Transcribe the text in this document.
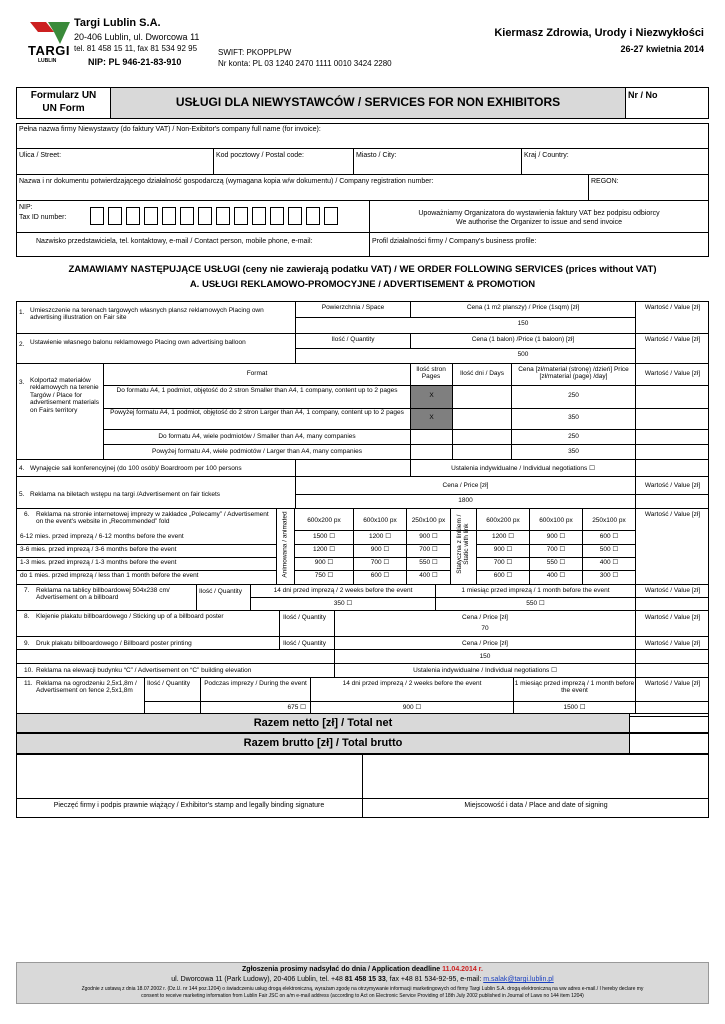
TARGI
LUBLIN
Targi Lublin S.A.
20-406 Lublin, ul. Dworcowa 11
tel. 81 458 15 11, fax 81 534 92 95
NIP: PL 946-21-83-910
SWIFT: PKOPPLPW
Nr konta: PL 03 1240 2470 1111 0010 3424 2280
Kiermasz Zdrowia, Urody i Niezwykłości
26-27 kwietnia 2014
Formularz UN
UN Form	USŁUGI DLA NIEWYSTAWCÓW / SERVICES FOR NON EXHIBITORS	Nr / No
Pełna nazwa firmy Niewystawcy (do faktury VAT) / Non-Exibitor's company full name (for invoice):
Ulica / Street:	Kod pocztowy / Postal code:	Miasto / City:	Kraj / Country:
Nazwa i nr dokumentu potwierdzającego działalność gospodarczą (wymagana kopia w/w dokumentu) / Company registration number:	REGON:
NIP:
Tax ID number:
Upoważniamy Organizatora do wystawienia faktury VAT bez podpisu odbiorcy
We authorise the Organizer to issue and send invoice
Nazwisko przedstawiciela, tel. kontaktowy, e-mail / Contact person, mobile phone, e-mail:	Profil działalności firmy / Company's business profile:
ZAMAWIAMY NASTĘPUJĄCE USŁUGI (ceny nie zawierają podatku VAT) / WE ORDER FOLLOWING SERVICES (prices without VAT)
A. USŁUGI REKLAMOWO-PROMOCYJNE / ADVERTISEMENT & PROMOTION
1. Umieszczenie na terenach targowych własnych plansz reklamowych Placing own advertising illustration on Fair site
Powierzchnia / Space	Cena (1 m2 planszy) / Price (1sqm) [zł]	Wartość / Value [zł]
150
2. Ustawienie własnego balonu reklamowego Placing own advertising balloon	Ilość / Quantity	Cena (1 balon) /Price (1 baloon) [zł]	Wartość / Value [zł]
500
3. Kolportaż materiałów reklamowych na terenie Targów / Place for advertisement materials on Fairs territory
Format
Ilość stron Pages	Ilość dni / Days
Cena [zł/materiał (stronę) /dzień] Price [zł/material (page) /day]	Wartość / Value [zł]
Do formatu A4, 1 podmiot, objętość do 2 stron Smaller than A4, 1 company, content up to 2 pages
X	250
Powyżej formatu A4, 1 podmiot, objętość do 2 stron Larger than A4, 1 company, content up to 2 pages
X	350
Do formatu A4, wiele podmiotów / Smaller than A4, many companies	250
Powyżej formatu A4, wiele podmiotów / Larger than A4, many companies	350
4. Wynajęcie sali konferencyjnej (do 100 osób)/ Boardroom per 100 persons	Ustalenia indywidualne / Individual negotiations ☐
5. Reklama na biletach wstępu na targi /Advertisement on fair tickets
Cena / Price [zł]	Wartość / Value [zł]
1800
6. Reklama na stronie internetowej imprezy w zakładce „Polecamy” / Advertisement on the event's website in „Recommended” fold	Animowana / animated	600x200 px	600x100 px	250x100 px	Statyczna z linkiem / Static with link
600x200 px	600x100 px	250x100 px
Wartość / Value [zł]
6-12 mies. przed imprezą / 6-12 months before the event	1500 ☐	1200 ☐	900 ☐	1200 ☐	900 ☐	600 ☐
3-6 mies. przed imprezą / 3-6 months before the event	1200 ☐	900 ☐	700 ☐	900 ☐	700 ☐	500 ☐
1-3 mies. przed imprezą / 1-3 months before the event	900 ☐	700 ☐	550 ☐	700 ☐	550 ☐	400 ☐
do 1 mies. przed imprezą / less than 1 month before the event	750 ☐	600 ☐	400 ☐	600 ☐	400 ☐	300 ☐
7. Reklama na tablicy billboardowej 504x238 cm/ Advertisement on a billboard
Ilość / Quantity	14 dni przed imprezą / 2 weeks before the event	1 miesiąc przed imprezą / 1 month before the event	Wartość / Value [zł]
350 ☐	550 ☐
8. Klejenie plakatu billboardowego / Sticking up of a billboard poster	Ilość / Quantity	Cena / Price [zł]	Wartość / Value [zł]
70
9. Druk plakatu billboardowego / Billboard poster printing	Ilość / Quantity	Cena / Price [zł]	Wartość / Value [zł]
150
10. Reklama na elewacji budynku “C” / Advertisement on “C” building elevation	Ustalenia indywidualne / Individual negotiations ☐
11. Reklama na ogrodzeniu 2,5x1,8m / Advertisement on fence 2,5x1,8m
Ilość / Quantity	Podczas imprezy / During the event	14 dni przed imprezą / 2 weeks before the event	1 miesiąc przed imprezą / 1 month before the event
Wartość / Value [zł]
675 ☐	900 ☐	1500 ☐
Razem netto [zł] / Total net
Razem brutto [zł] / Total brutto
Pieczęć firmy i podpis prawnie wiążący / Exhibitor's stamp and legally binding signature	Miejscowość i data / Place and date of signing
Zgłoszenia prosimy nadsyłać do dnia / Application deadline 11.04.2014 r.
ul. Dworcowa 11 (Park Ludowy), 20-406 Lublin, tel. +48 81 458 15 33, fax +48 81 534-92-95, e-mail: m.salak@targi.lublin.pl
Zgodnie z ustawą z dnia 18.07.2002 r. (Dz.U. nr 144 poz.1204) o świadczeniu usług drogą elektroniczną, wyrażam zgodę na otrzymywanie informacji marketingowych od firmy Targi Lublin S.A. drogą elektroniczną na ww adres e-mail./ I hereby declare my
consent to receive marketing information from Lublin Fair JSC on a/m e-mail address (according to Act on Electronic Service Providing of 18th July 2002 published in Journal of Laws no 144 item 1204)
